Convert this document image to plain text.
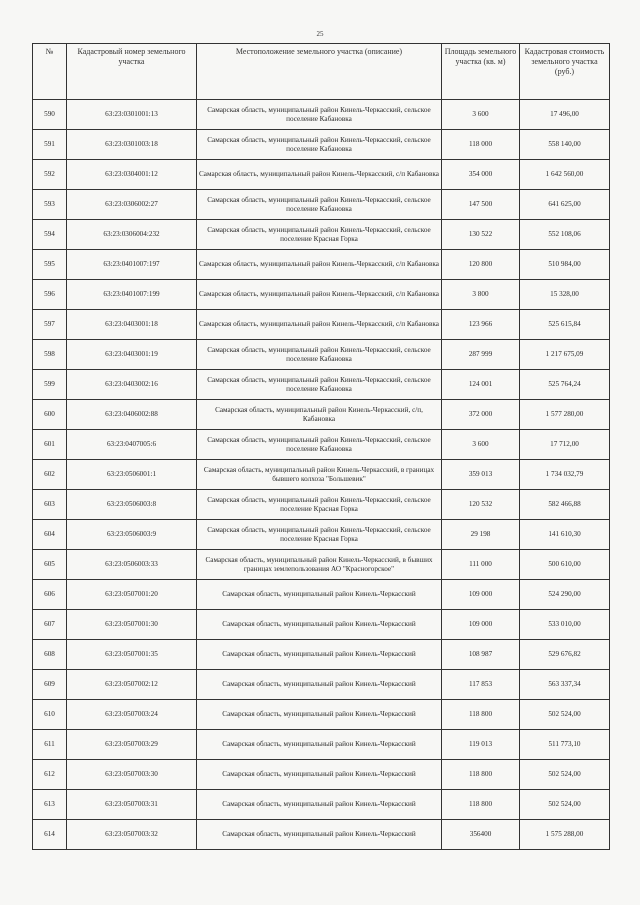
25
№	Кадастровый номер земельного участка	Местоположение земельного участка (описание)	Площадь земельного участка (кв. м)	Кадастровая стоимость земельного участка (руб.)
590	63:23:0301001:13	Самарская область, муниципальный район Кинель-Черкасский, сельское поселение Кабановка	3 600	17 496,00
591	63:23:0301003:18	Самарская область, муниципальный район Кинель-Черкасский, сельское поселение Кабановка	118 000	558 140,00
592	63:23:0304001:12	Самарская область, муниципальный район Кинель-Черкасский, с/п Кабановка	354 000	1 642 560,00
593	63:23:0306002:27	Самарская область, муниципальный район Кинель-Черкасский, сельское поселение Кабановка	147 500	641 625,00
594	63:23:0306004:232	Самарская область, муниципальный район Кинель-Черкасский, сельское поселение Красная Горка	130 522	552 108,06
595	63:23:0401007:197	Самарская область, муниципальный район Кинель-Черкасский, с/п Кабановка	120 800	510 984,00
596	63:23:0401007:199	Самарская область, муниципальный район Кинель-Черкасский, с/п Кабановка	3 800	15 328,00
597	63:23:0403001:18	Самарская область, муниципальный район Кинель-Черкасский, с/п Кабановка	123 966	525 615,84
598	63:23:0403001:19	Самарская область, муниципальный район Кинель-Черкасский, сельское поселение Кабановка	287 999	1 217 675,09
599	63:23:0403002:16	Самарская область, муниципальный район Кинель-Черкасский, сельское поселение Кабановка	124 001	525 764,24
600	63:23:0406002:88	Самарская область, муниципальный район Кинель-Черкасский, с/п, Кабановка	372 000	1 577 280,00
601	63:23:0407005:6	Самарская область, муниципальный район Кинель-Черкасский, сельское поселение Кабановка	3 600	17 712,00
602	63:23:0506001:1	Самарская область, муниципальный район Кинель-Черкасский, в границах бывшего колхоза "Большевик"	359 013	1 734 032,79
603	63:23:0506003:8	Самарская область, муниципальный район Кинель-Черкасский, сельское поселение Красная Горка	120 532	582 466,88
604	63:23:0506003:9	Самарская область, муниципальный район Кинель-Черкасский, сельское поселение Красная Горка	29 198	141 610,30
605	63:23:0506003:33	Самарская область, муниципальный район Кинель-Черкасский, в бывших границах землепользования АО "Красногорское"	111 000	500 610,00
606	63:23:0507001:20	Самарская область, муниципальный район Кинель-Черкасский	109 000	524 290,00
607	63:23:0507001:30	Самарская область, муниципальный район Кинель-Черкасский	109 000	533 010,00
608	63:23:0507001:35	Самарская область, муниципальный район Кинель-Черкасский	108 987	529 676,82
609	63:23:0507002:12	Самарская область, муниципальный район Кинель-Черкасский	117 853	563 337,34
610	63:23:0507003:24	Самарская область, муниципальный район Кинель-Черкасский	118 800	502 524,00
611	63:23:0507003:29	Самарская область, муниципальный район Кинель-Черкасский	119 013	511 773,10
612	63:23:0507003:30	Самарская область, муниципальный район Кинель-Черкасский	118 800	502 524,00
613	63:23:0507003:31	Самарская область, муниципальный район Кинель-Черкасский	118 800	502 524,00
614	63:23:0507003:32	Самарская область, муниципальный район Кинель-Черкасский	356400	1 575 288,00
